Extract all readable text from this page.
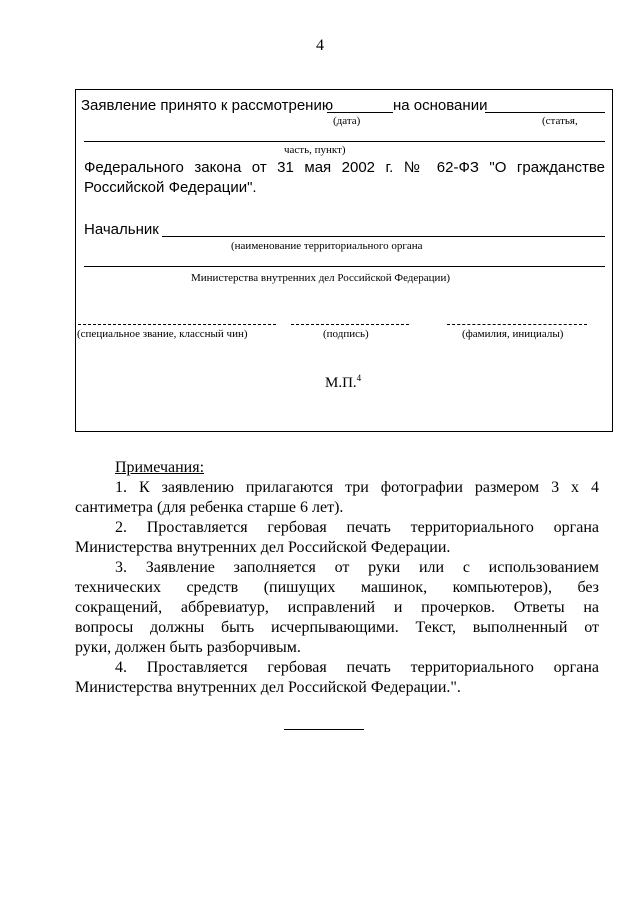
4
Заявление принято к рассмотрению	на основании
(дата)	(статья,
часть, пункт)
Федерального закона от 31 мая 2002 г. № 62-ФЗ "О гражданстве
Российской Федерации".
Начальник
(наименование территориального органа
Министерства внутренних дел Российской Федерации)
(специальное звание, классный чин)	(подпись)	(фамилия, инициалы)
М.П.$^4$
Примечания:
1. К заявлению прилагаются три фотографии размером 3 х 4
сантиметра (для ребенка старше 6 лет).
2. Проставляется гербовая печать территориального органа
Министерства внутренних дел Российской Федерации.
3. Заявление заполняется от руки или с использованием
технических средств (пишущих машинок, компьютеров), без
сокращений, аббревиатур, исправлений и прочерков. Ответы на
вопросы должны быть исчерпывающими. Текст, выполненный от
руки, должен быть разборчивым.
4. Проставляется гербовая печать территориального органа
Министерства внутренних дел Российской Федерации.".
